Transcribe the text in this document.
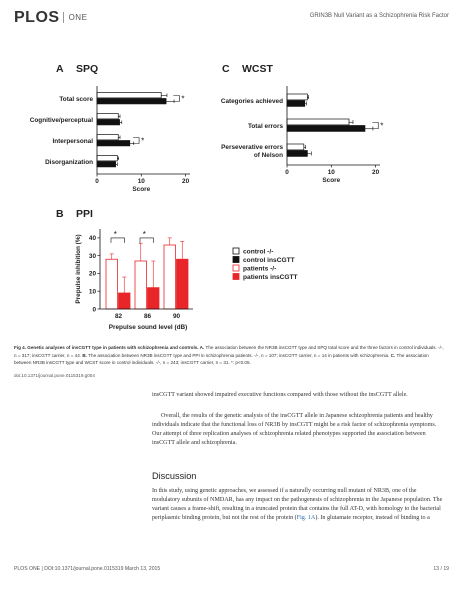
PLOS ONE	GRIN3B Null Variant as a Schizophrenia Risk Factor
A SPQ	C WCST
B PPI
Total score
Cognitive/perceptual
Interpersonal
Disorganization
*
*
0	10	20
Score
Categories achieved
Total errors
Perseverative errors
of Nelson
*
0	10	20
Score
82	86	90
*	*
0
10
20
30
40
Prepulse inhibition (%)
Prepulse sound level (dB)
control -/-
control insCGTT
patients -/-
patients insCGTT
Fig 4. Genetic analyses of insCGTT type in patients with schizophrenia and controls. A. The association between the NR3B insCGTT type and SPQ total score and the three factors in control individuals. -/-, n = 317; insCGTT carrier, n = 44. B. The association between NR3B insCGTT type and PPI in schizophrenia patients. -/-, n = 107; insCGTT carrier, n = 14 in patients with schizophrenia. C. The association between NR3B insCGTT type and WCST score in control individuals. -/-, n = 243; insCGTT carrier, n = 31. *: p<0.05.
doi:10.1371/journal.pone.0115319.g004
insCGTT variant showed impaired executive functions compared with those without the insCGTT allele.
Overall, the results of the genetic analysis of the insCGTT allele in Japanese schizophrenia patients and healthy individuals indicate that the functional loss of NR3B by insCGTT might be a risk factor of schizophrenia symptoms. Our attempt of three replication analyses of schizophrenia related phenotypes supported the association between insCGTT allele and schizophrenia.
Discussion
In this study, using genetic approaches, we assessed if a naturally occurring null mutant of NR3B, one of the modulatory subunits of NMDAR, has any impact on the pathogenesis of schizophrenia in the Japanese population. The variant causes a frame-shift, resulting in a truncated protein that contains the full AT-D, with homology to the bacterial periplasmic binding protein, but not the rest of the protein (Fig. 1A). In glutamate receptor, instead of binding to a
PLOS ONE | DOI:10.1371/journal.pone.0115319 March 13, 2015	13 / 19
